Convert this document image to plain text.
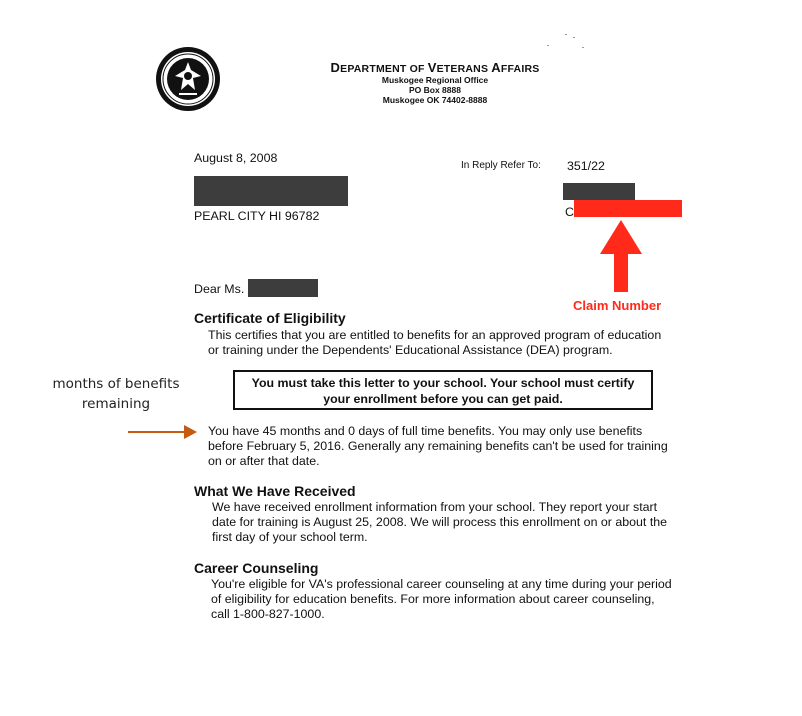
DEPARTMENT OF VETERANS AFFAIRS
Muskogee Regional Office
PO Box 8888
Muskogee OK 74402-8888
August 8, 2008
In Reply Refer To: 351/22
PEARL CITY HI 96782	C
Claim Number
Dear Ms.
Certificate of Eligibility
This certifies that you are entitled to benefits for an approved program of education
or training under the Dependents' Educational Assistance (DEA) program.
You must take this letter to your school. Your school must certify
your enrollment before you can get paid.
months of benefits
remaining
You have 45 months and 0 days of full time benefits. You may only use benefits
before February 5, 2016. Generally any remaining benefits can't be used for training
on or after that date.
What We Have Received
We have received enrollment information from your school. They report your start
date for training is August 25, 2008. We will process this enrollment on or about the
first day of your school term.
Career Counseling
You're eligible for VA's professional career counseling at any time during your period
of eligibility for education benefits. For more information about career counseling,
call 1-800-827-1000.
